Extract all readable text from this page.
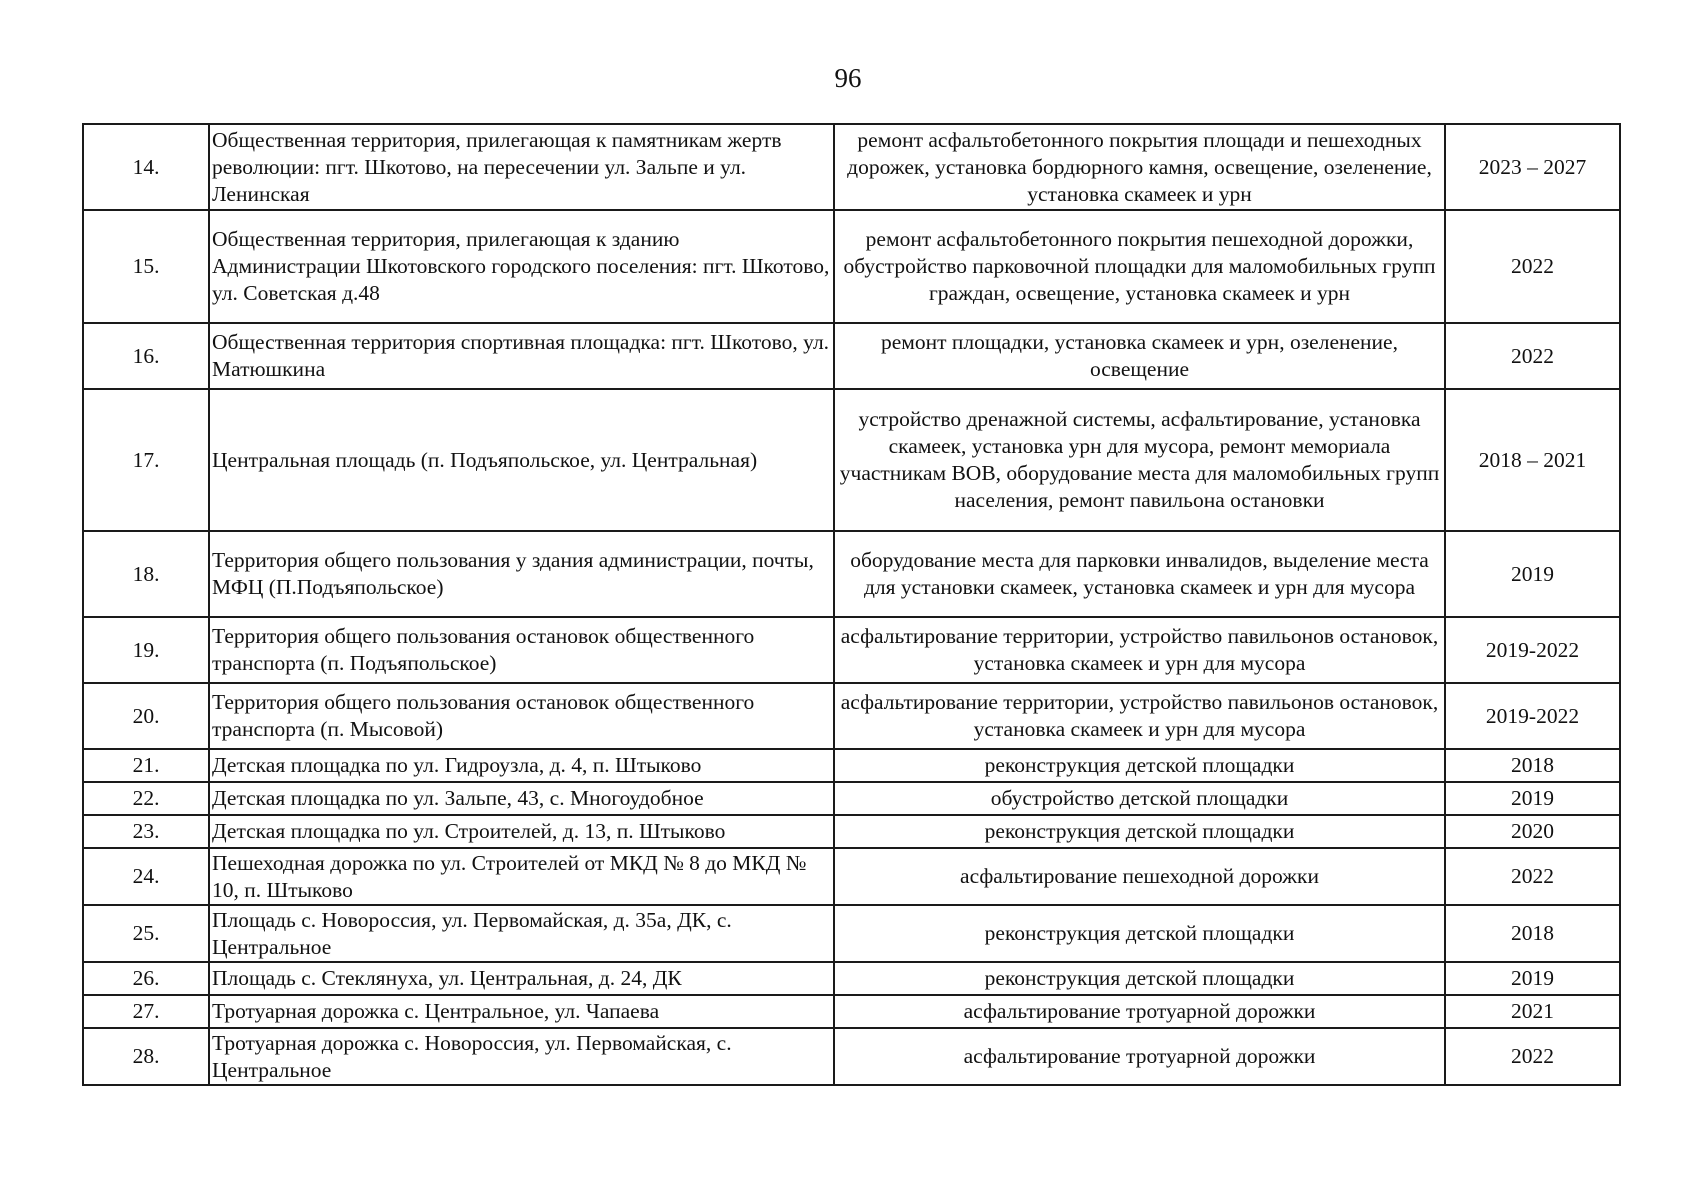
96
14.	Общественная территория, прилегающая к памятникам жертв революции: пгт. Шкотово, на пересечении ул. Зальпе и ул. Ленинская	ремонт асфальтобетонного покрытия площади и пешеходных дорожек, установка бордюрного камня, освещение, озеленение, установка скамеек и урн	2023 – 2027
15.	Общественная территория, прилегающая к зданию Администрации Шкотовского городского поселения: пгт. Шкотово, ул. Советская д.48	ремонт асфальтобетонного покрытия пешеходной дорожки, обустройство парковочной площадки для маломобильных групп граждан, освещение, установка скамеек и урн	2022
16.	Общественная территория спортивная площадка: пгт. Шкотово, ул. Матюшкина	ремонт площадки, установка скамеек и урн, озеленение, освещение	2022
17.	Центральная площадь (п. Подъяпольское, ул. Центральная)	устройство дренажной системы, асфальтирование, установка скамеек, установка урн для мусора, ремонт мемориала участникам ВОВ, оборудование места для маломобильных групп населения, ремонт павильона остановки	2018 – 2021
18.	Территория общего пользования у здания администрации, почты, МФЦ (П.Подъяпольское)	оборудование места для парковки инвалидов, выделение места для установки скамеек, установка скамеек и урн для мусора	2019
19.	Территория общего пользования остановок общественного транспорта (п. Подъяпольское)	асфальтирование территории, устройство павильонов остановок, установка скамеек и урн для мусора	2019-2022
20.	Территория общего пользования остановок общественного транспорта (п. Мысовой)	асфальтирование территории, устройство павильонов остановок, установка скамеек и урн для мусора	2019-2022
21.	Детская площадка по ул. Гидроузла, д. 4, п. Штыково	реконструкция детской площадки	2018
22.	Детская площадка по ул. Зальпе, 43, с. Многоудобное	обустройство детской площадки	2019
23.	Детская площадка по ул. Строителей, д. 13, п. Штыково	реконструкция детской площадки	2020
24.	Пешеходная дорожка по ул. Строителей от МКД № 8 до МКД № 10, п. Штыково	асфальтирование пешеходной дорожки	2022
25.	Площадь с. Новороссия, ул. Первомайская, д. 35а, ДК, с. Центральное	реконструкция детской площадки	2018
26.	Площадь с. Стеклянуха, ул. Центральная, д. 24, ДК	реконструкция детской площадки	2019
27.	Тротуарная дорожка с. Центральное, ул. Чапаева	асфальтирование тротуарной дорожки	2021
28.	Тротуарная дорожка с. Новороссия, ул. Первомайская, с. Центральное	асфальтирование тротуарной дорожки	2022
